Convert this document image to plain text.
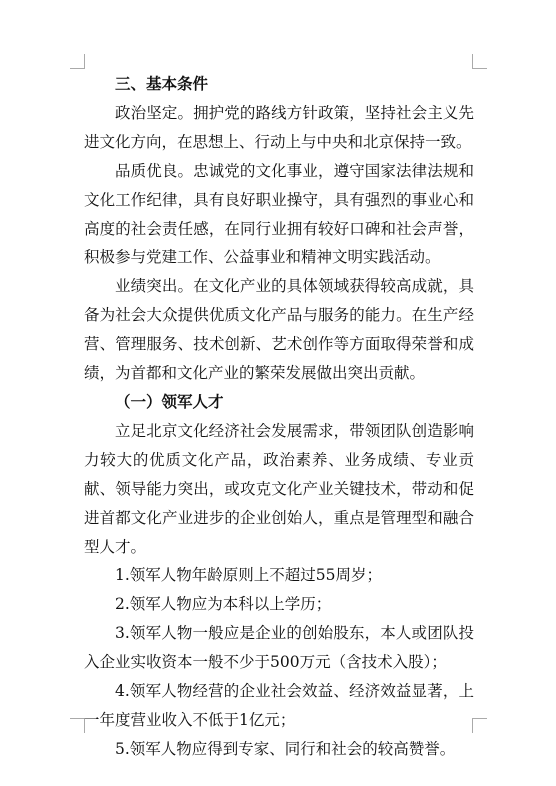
三、基本条件

政治坚定。拥护党的路线方针政策，坚持社会主义先进文化方向，在思想上、行动上与中央和北京保持一致。

品质优良。忠诚党的文化事业，遵守国家法律法规和文化工作纪律，具有良好职业操守，具有强烈的事业心和高度的社会责任感，在同行业拥有较好口碑和社会声誉，积极参与党建工作、公益事业和精神文明实践活动。

业绩突出。在文化产业的具体领域获得较高成就，具备为社会大众提供优质文化产品与服务的能力。在生产经营、管理服务、技术创新、艺术创作等方面取得荣誉和成绩，为首都和文化产业的繁荣发展做出突出贡献。

（一）领军人才

立足北京文化经济社会发展需求，带领团队创造影响力较大的优质文化产品，政治素养、业务成绩、专业贡献、领导能力突出，或攻克文化产业关键技术，带动和促进首都文化产业进步的企业创始人，重点是管理型和融合型人才。

1.领军人物年龄原则上不超过55周岁；

2.领军人物应为本科以上学历；

3.领军人物一般应是企业的创始股东，本人或团队投入企业实收资本一般不少于500万元（含技术入股）；

4.领军人物经营的企业社会效益、经济效益显著，上一年度营业收入不低于1亿元；

5.领军人物应得到专家、同行和社会的较高赞誉。
